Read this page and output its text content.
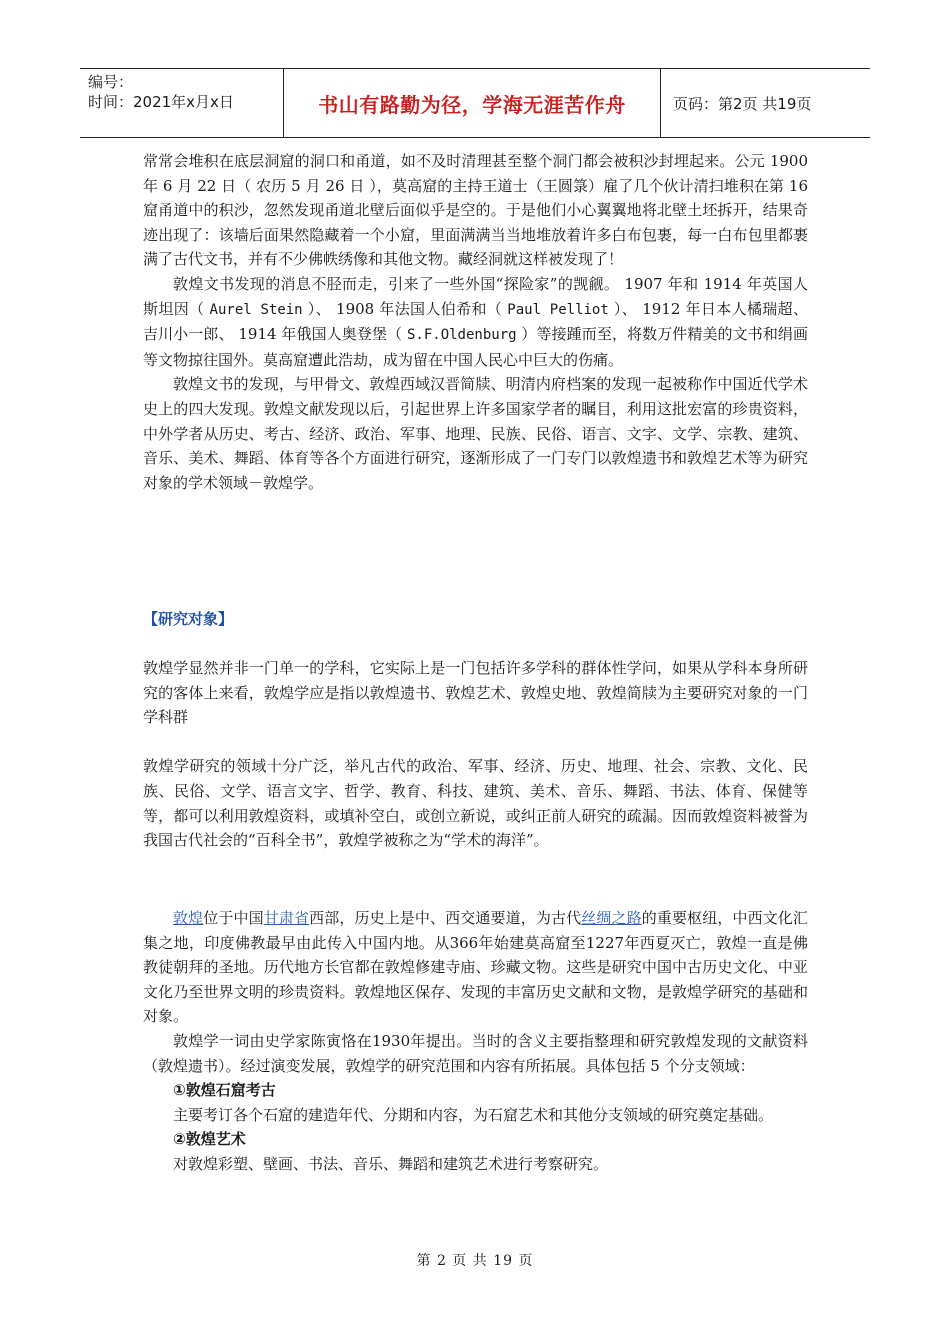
编号：
时间：2021年x月x日	书山有路勤为径，学海无涯苦作舟	页码：第2页 共19页

常常会堆积在底层洞窟的洞口和甬道，如不及时清理甚至整个洞门都会被积沙封埋起来。公元 1900 年 6 月 22 日（ 农历 5 月 26 日 ），莫高窟的主持王道士（王圆箓）雇了几个伙计清扫堆积在第 16 窟甬道中的积沙，忽然发现甬道北壁后面似乎是空的。于是他们小心翼翼地将北壁土坯拆开，结果奇迹出现了：该墙后面果然隐藏着一个小窟，里面满满当当地堆放着许多白布包裹，每一白布包里都裹满了古代文书，并有不少佛帙绣像和其他文物。藏经洞就这样被发现了！

敦煌文书发现的消息不胫而走，引来了一些外国“探险家”的觊觎。 1907 年和 1914 年英国人斯坦因（ Aurel Stein ）、 1908 年法国人伯希和（ Paul Pelliot ）、 1912 年日本人橘瑞超、吉川小一郎、 1914 年俄国人奥登堡（ S.F.Oldenburg ）等接踵而至，将数万件精美的文书和绢画等文物掠往国外。莫高窟遭此浩劫，成为留在中国人民心中巨大的伤痛。

敦煌文书的发现，与甲骨文、敦煌西域汉晋简牍、明清内府档案的发现一起被称作中国近代学术史上的四大发现。敦煌文献发现以后，引起世界上许多国家学者的瞩目，利用这批宏富的珍贵资料，中外学者从历史、考古、经济、政治、军事、地理、民族、民俗、语言、文字、文学、宗教、建筑、音乐、美术、舞蹈、体育等各个方面进行研究，逐渐形成了一门专门以敦煌遗书和敦煌艺术等为研究对象的学术领域－敦煌学。

【研究对象】

敦煌学显然并非一门单一的学科，它实际上是一门包括许多学科的群体性学问，如果从学科本身所研究的客体上来看，敦煌学应是指以敦煌遗书、敦煌艺术、敦煌史地、敦煌简牍为主要研究对象的一门学科群

敦煌学研究的领域十分广泛，举凡古代的政治、军事、经济、历史、地理、社会、宗教、文化、民族、民俗、文学、语言文字、哲学、教育、科技、建筑、美术、音乐、舞蹈、书法、体育、保健等等，都可以利用敦煌资料，或填补空白，或创立新说，或纠正前人研究的疏漏。因而敦煌资料被誉为我国古代社会的“百科全书”，敦煌学被称之为“学术的海洋”。

敦煌位于中国甘肃省西部，历史上是中、西交通要道，为古代丝绸之路的重要枢纽，中西文化汇集之地，印度佛教最早由此传入中国内地。从366年始建莫高窟至1227年西夏灭亡，敦煌一直是佛教徒朝拜的圣地。历代地方长官都在敦煌修建寺庙、珍藏文物。这些是研究中国中古历史文化、中亚文化乃至世界文明的珍贵资料。敦煌地区保存、发现的丰富历史文献和文物，是敦煌学研究的基础和对象。

敦煌学一词由史学家陈寅恪在1930年提出。当时的含义主要指整理和研究敦煌发现的文献资料（敦煌遗书）。经过演变发展，敦煌学的研究范围和内容有所拓展。具体包括 5 个分支领域：

①敦煌石窟考古

主要考订各个石窟的建造年代、分期和内容，为石窟艺术和其他分支领域的研究奠定基础。

②敦煌艺术

对敦煌彩塑、壁画、书法、音乐、舞蹈和建筑艺术进行考察研究。

第 2 页 共 19 页
